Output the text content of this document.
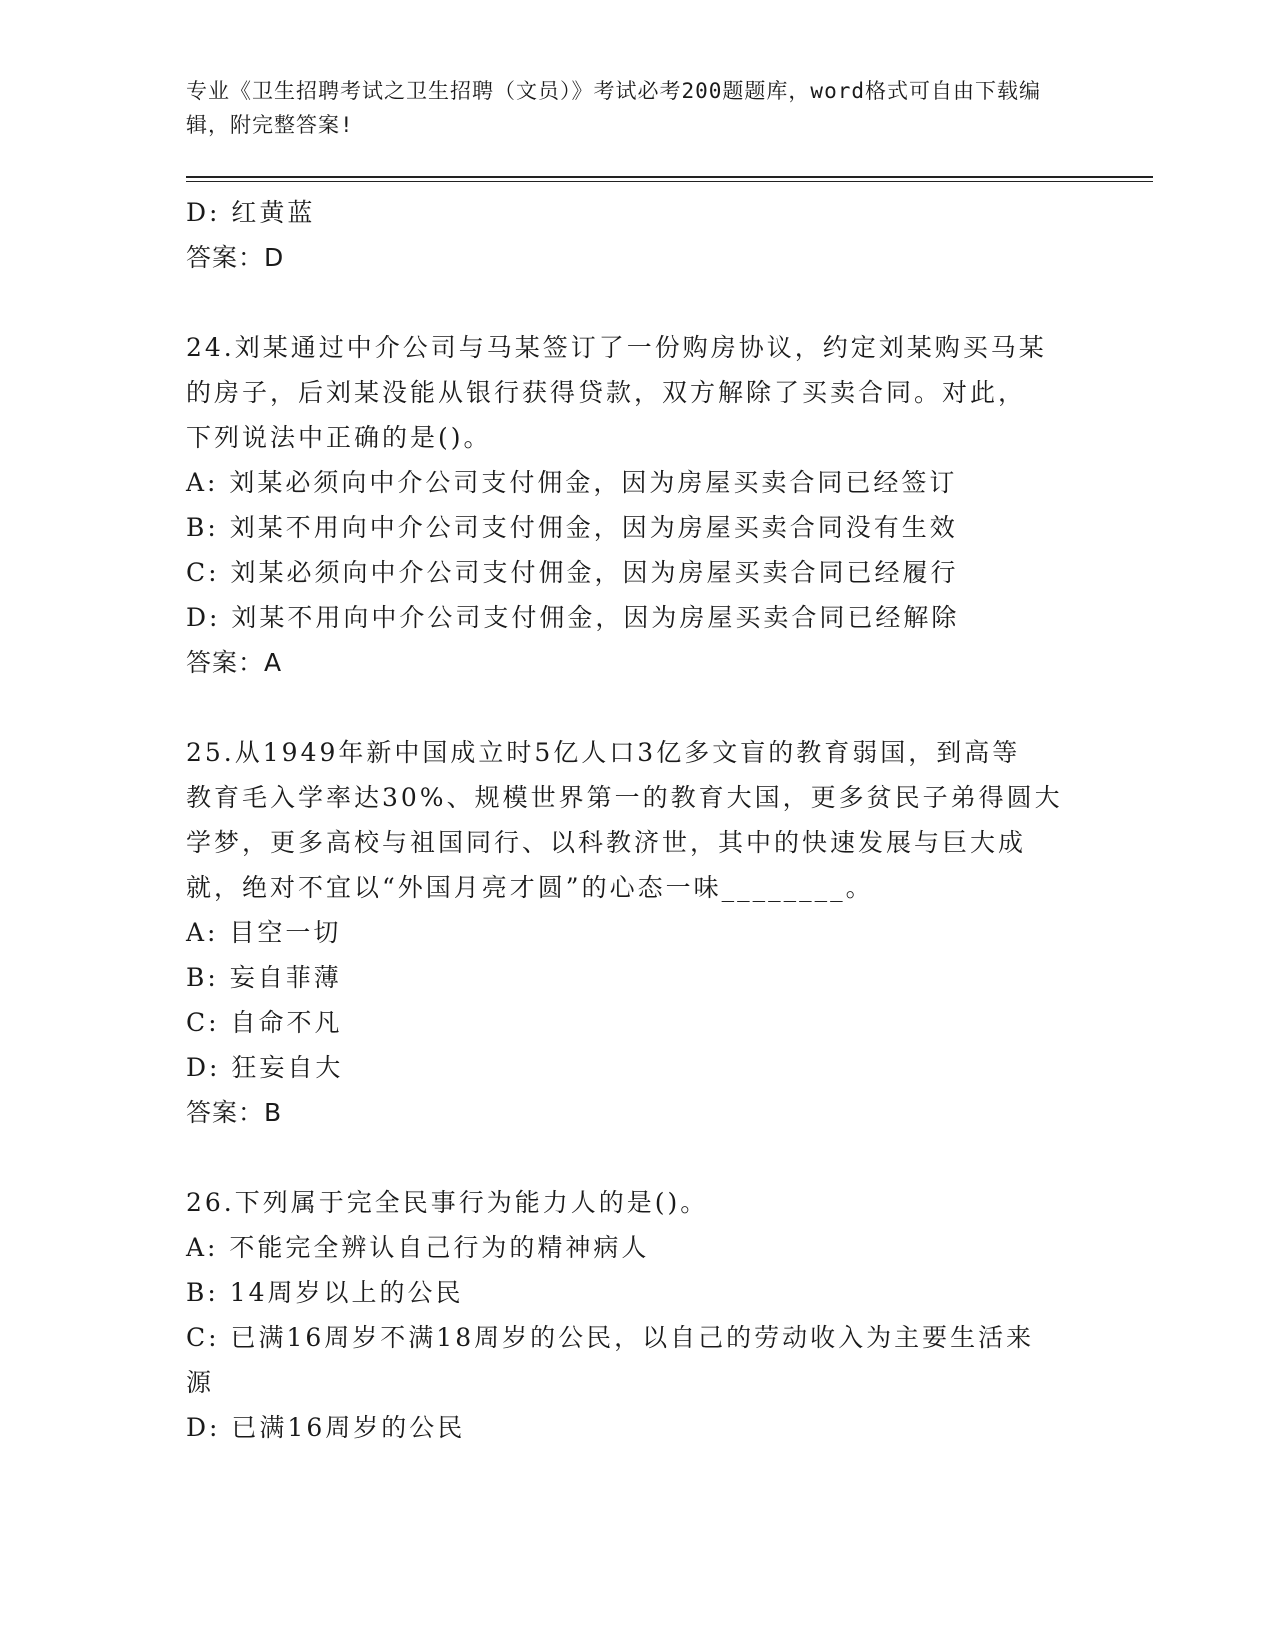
专业《卫生招聘考试之卫生招聘（文员）》考试必考200题题库，word格式可自由下载编辑，附完整答案!

D: 红黄蓝

答案：D

24.刘某通过中介公司与马某签订了一份购房协议，约定刘某购买马某

的房子，后刘某没能从银行获得贷款，双方解除了买卖合同。对此，

下列说法中正确的是()。

A: 刘某必须向中介公司支付佣金，因为房屋买卖合同已经签订

B: 刘某不用向中介公司支付佣金，因为房屋买卖合同没有生效

C: 刘某必须向中介公司支付佣金，因为房屋买卖合同已经履行

D: 刘某不用向中介公司支付佣金，因为房屋买卖合同已经解除

答案：A

25.从1949年新中国成立时5亿人口3亿多文盲的教育弱国，到高等

教育毛入学率达30%、规模世界第一的教育大国，更多贫民子弟得圆大

学梦，更多高校与祖国同行、以科教济世，其中的快速发展与巨大成

就，绝对不宜以“外国月亮才圆”的心态一味________。

A: 目空一切

B: 妄自菲薄

C: 自命不凡

D: 狂妄自大

答案：B

26.下列属于完全民事行为能力人的是()。

A: 不能完全辨认自己行为的精神病人

B: 14周岁以上的公民

C: 已满16周岁不满18周岁的公民，以自己的劳动收入为主要生活来

源

D: 已满16周岁的公民
